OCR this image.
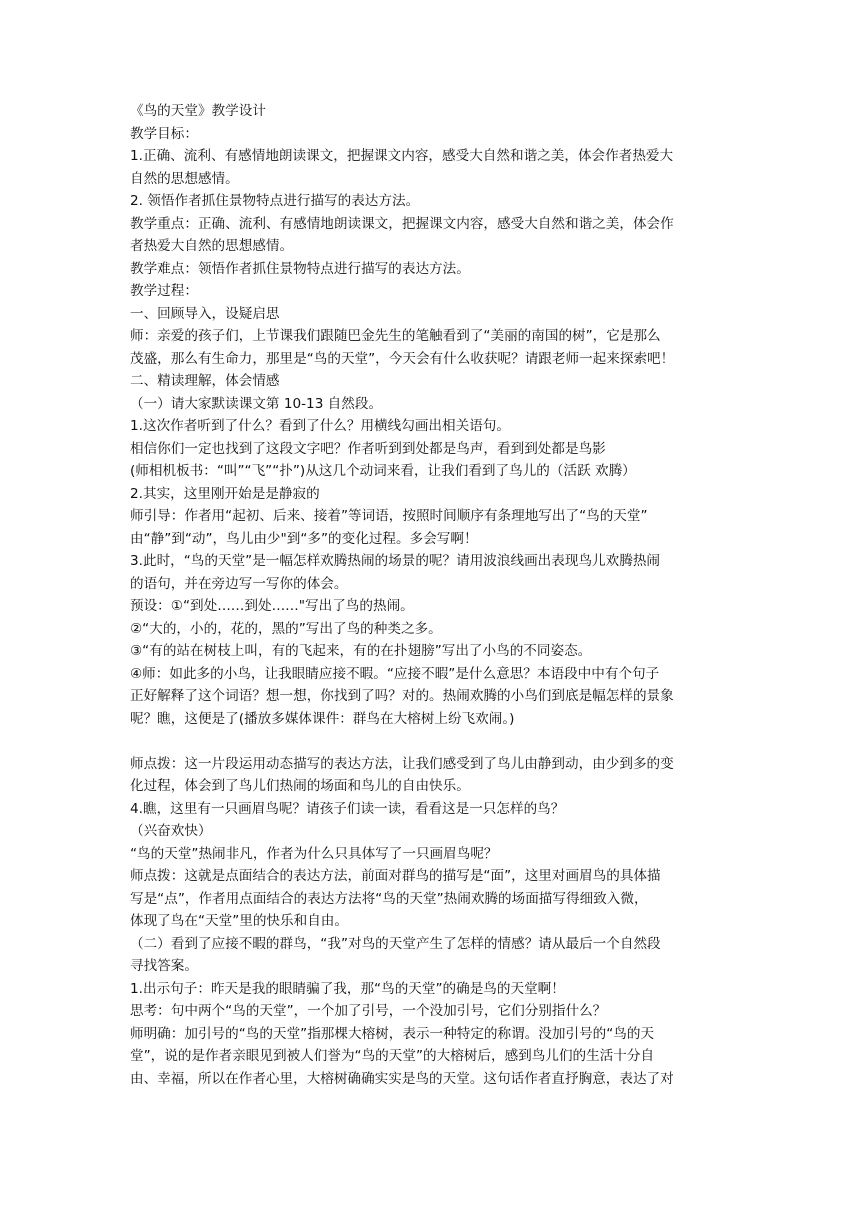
《鸟的天堂》教学设计
教学目标：
1.正确、流利、有感情地朗读课文，把握课文内容，感受大自然和谐之美，体会作者热爱大
自然的思想感情。
2. 领悟作者抓住景物特点进行描写的表达方法。
教学重点：正确、流利、有感情地朗读课文，把握课文内容，感受大自然和谐之美，体会作
者热爱大自然的思想感情。
教学难点：领悟作者抓住景物特点进行描写的表达方法。
教学过程：
一、回顾导入，设疑启思
师：亲爱的孩子们，上节课我们跟随巴金先生的笔触看到了“美丽的南国的树”，它是那么
茂盛，那么有生命力，那里是“鸟的天堂”，今天会有什么收获呢？请跟老师一起来探索吧！
二、精读理解，体会情感
（一）请大家默读课文第 10-13 自然段。
1.这次作者听到了什么？看到了什么？用横线勾画出相关语句。
相信你们一定也找到了这段文字吧？作者听到到处都是鸟声，看到到处都是鸟影
(师相机板书：“叫”“飞”“扑”)从这几个动词来看，让我们看到了鸟儿的（活跃 欢腾）
2.其实，这里刚开始是是静寂的
师引导：作者用“起初、后来、接着”等词语，按照时间顺序有条理地写出了“鸟的天堂”
由“静”到“动”，鸟儿由少"到“多”的变化过程。多会写啊！
3.此时，“鸟的天堂”是一幅怎样欢腾热闹的场景的呢？请用波浪线画出表现鸟儿欢腾热闹
的语句，并在旁边写一写你的体会。
预设：①“到处……到处……"写出了鸟的热闹。
②“大的，小的，花的，黑的”写出了鸟的种类之多。
③“有的站在树枝上叫，有的飞起来，有的在扑翅膀”写出了小鸟的不同姿态。
④师：如此多的小鸟，让我眼睛应接不暇。“应接不暇”是什么意思？本语段中中有个句子
正好解释了这个词语？想一想，你找到了吗？对的。热闹欢腾的小鸟们到底是幅怎样的景象
呢？瞧，这便是了(播放多媒体课件：群鸟在大榕树上纷飞欢闹。)
师点拨：这一片段运用动态描写的表达方法，让我们感受到了鸟儿由静到动，由少到多的变
化过程，体会到了鸟儿们热闹的场面和鸟儿的自由快乐。
4.瞧，这里有一只画眉鸟呢？请孩子们读一读，看看这是一只怎样的鸟？
（兴奋欢快）
“鸟的天堂”热闹非凡，作者为什么只具体写了一只画眉鸟呢？
师点拨：这就是点面结合的表达方法，前面对群鸟的描写是“面”，这里对画眉鸟的具体描
写是“点”，作者用点面结合的表达方法将“鸟的天堂”热闹欢腾的场面描写得细致入微，
体现了鸟在“天堂”里的快乐和自由。
（二）看到了应接不暇的群鸟，“我”对鸟的天堂产生了怎样的情感？请从最后一个自然段
寻找答案。
1.出示句子：昨天是我的眼睛骗了我，那“鸟的天堂”的确是鸟的天堂啊！
思考：句中两个“鸟的天堂”，一个加了引号，一个没加引号，它们分别指什么？
师明确：加引号的“鸟的天堂”指那棵大榕树，表示一种特定的称谓。没加引号的“鸟的天
堂”，说的是作者亲眼见到被人们誉为“鸟的天堂”的大榕树后，感到鸟儿们的生活十分自
由、幸福，所以在作者心里，大榕树确确实实是鸟的天堂。这句话作者直抒胸意，表达了对
